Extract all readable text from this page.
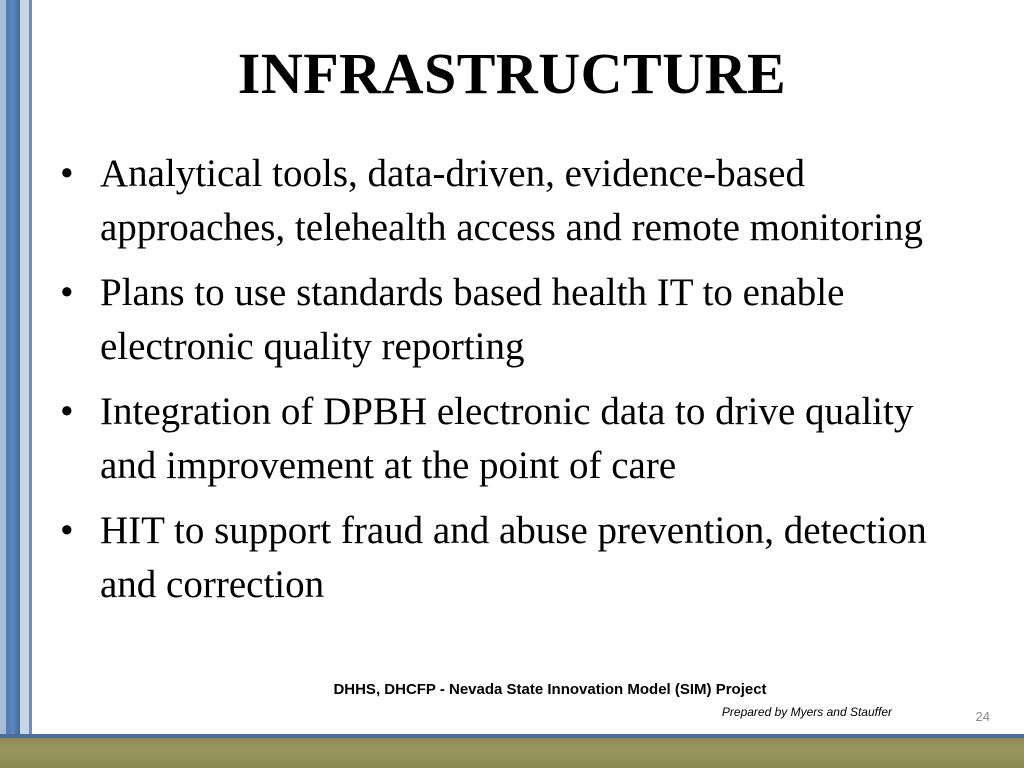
INFRASTRUCTURE
• Analytical tools, data-driven, evidence-based approaches, telehealth access and remote monitoring
• Plans to use standards based health IT to enable electronic quality reporting
• Integration of DPBH electronic data to drive quality and improvement at the point of care
• HIT to support fraud and abuse prevention, detection and correction
DHHS, DHCFP - Nevada State Innovation Model (SIM) Project
Prepared by Myers and Stauffer	24
